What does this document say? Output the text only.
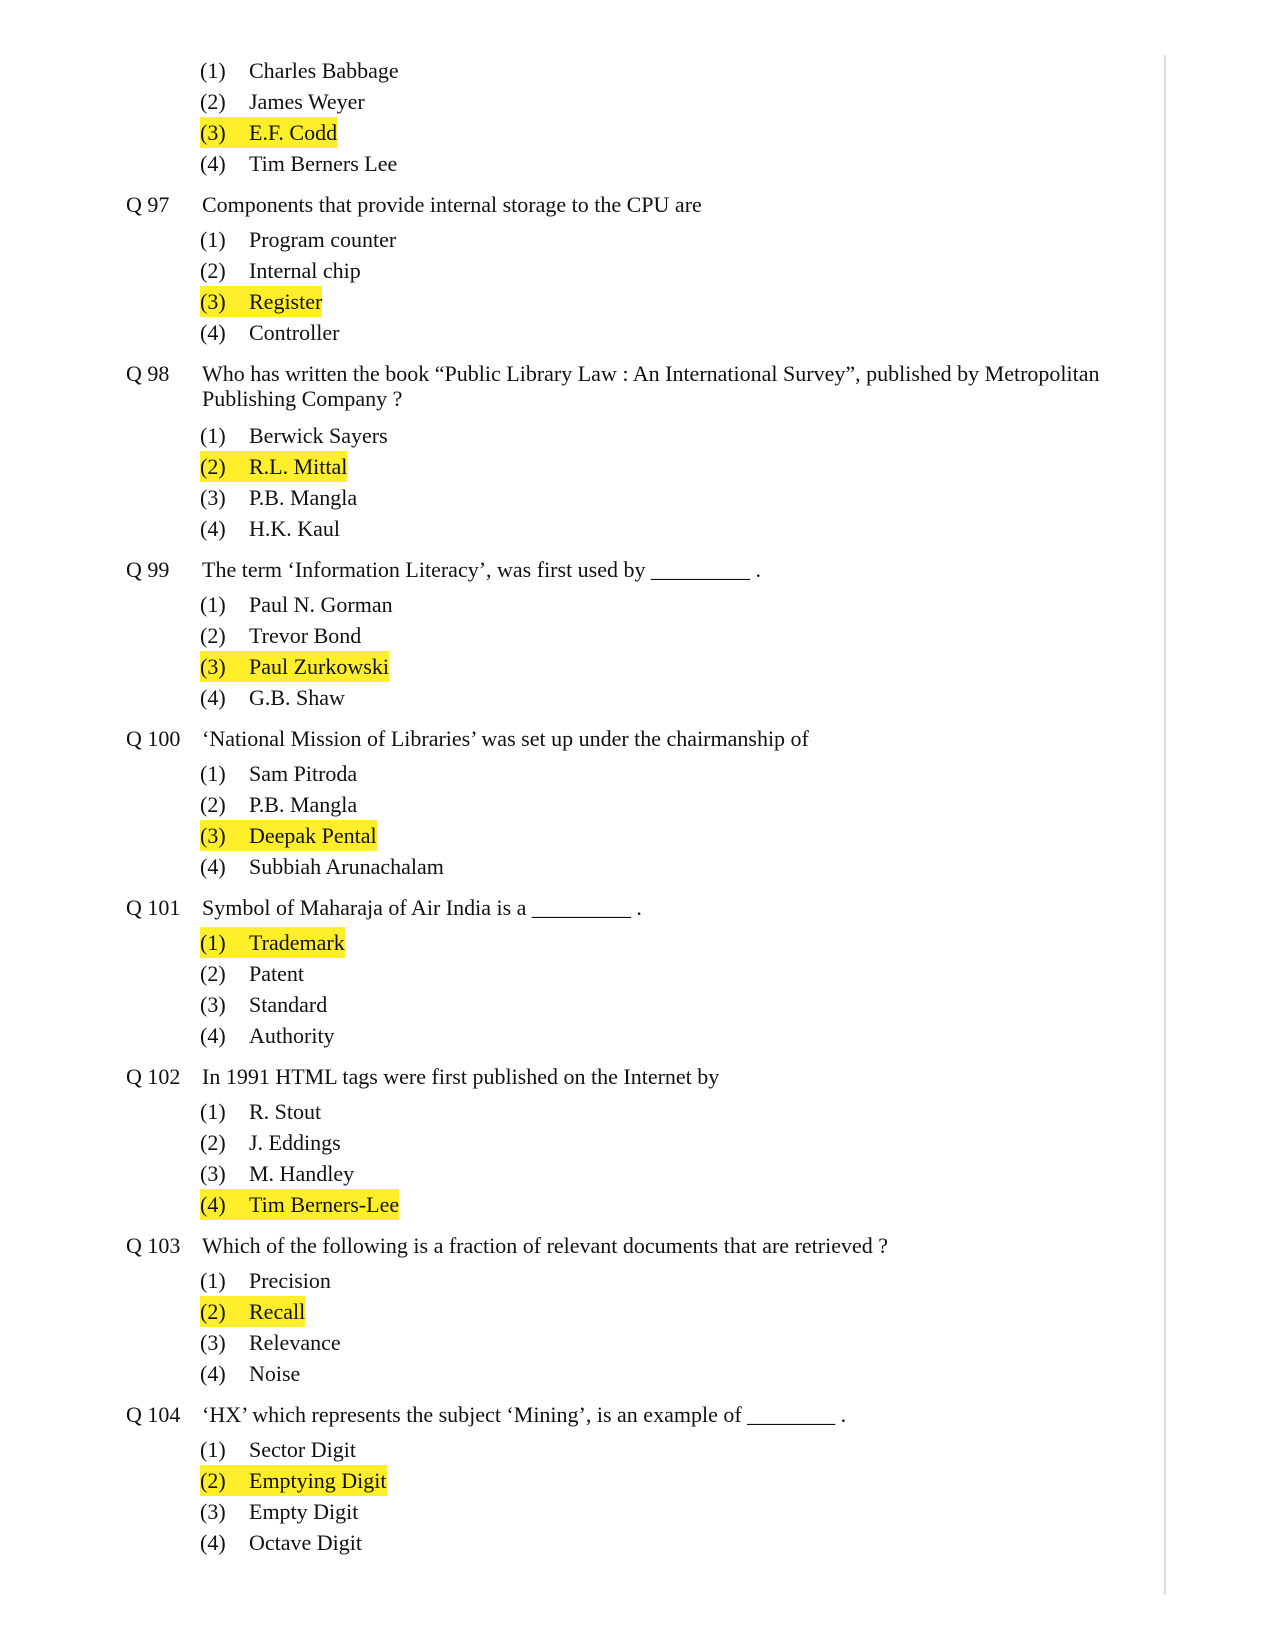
(1) Charles Babbage
(2) James Weyer
(3) E.F. Codd
(4) Tim Berners Lee
Q 97 Components that provide internal storage to the CPU are
(1) Program counter
(2) Internal chip
(3) Register
(4) Controller
Q 98 Who has written the book “Public Library Law : An International Survey”, published by Metropolitan Publishing Company ?
(1) Berwick Sayers
(2) R.L. Mittal
(3) P.B. Mangla
(4) H.K. Kaul
Q 99 The term ‘Information Literacy’, was first used by _________ .
(1) Paul N. Gorman
(2) Trevor Bond
(3) Paul Zurkowski
(4) G.B. Shaw
Q 100 ‘National Mission of Libraries’ was set up under the chairmanship of
(1) Sam Pitroda
(2) P.B. Mangla
(3) Deepak Pental
(4) Subbiah Arunachalam
Q 101 Symbol of Maharaja of Air India is a _________ .
(1) Trademark
(2) Patent
(3) Standard
(4) Authority
Q 102 In 1991 HTML tags were first published on the Internet by
(1) R. Stout
(2) J. Eddings
(3) M. Handley
(4) Tim Berners-Lee
Q 103 Which of the following is a fraction of relevant documents that are retrieved ?
(1) Precision
(2) Recall
(3) Relevance
(4) Noise
Q 104 ‘HX’ which represents the subject ‘Mining’, is an example of ________ .
(1) Sector Digit
(2) Emptying Digit
(3) Empty Digit
(4) Octave Digit
